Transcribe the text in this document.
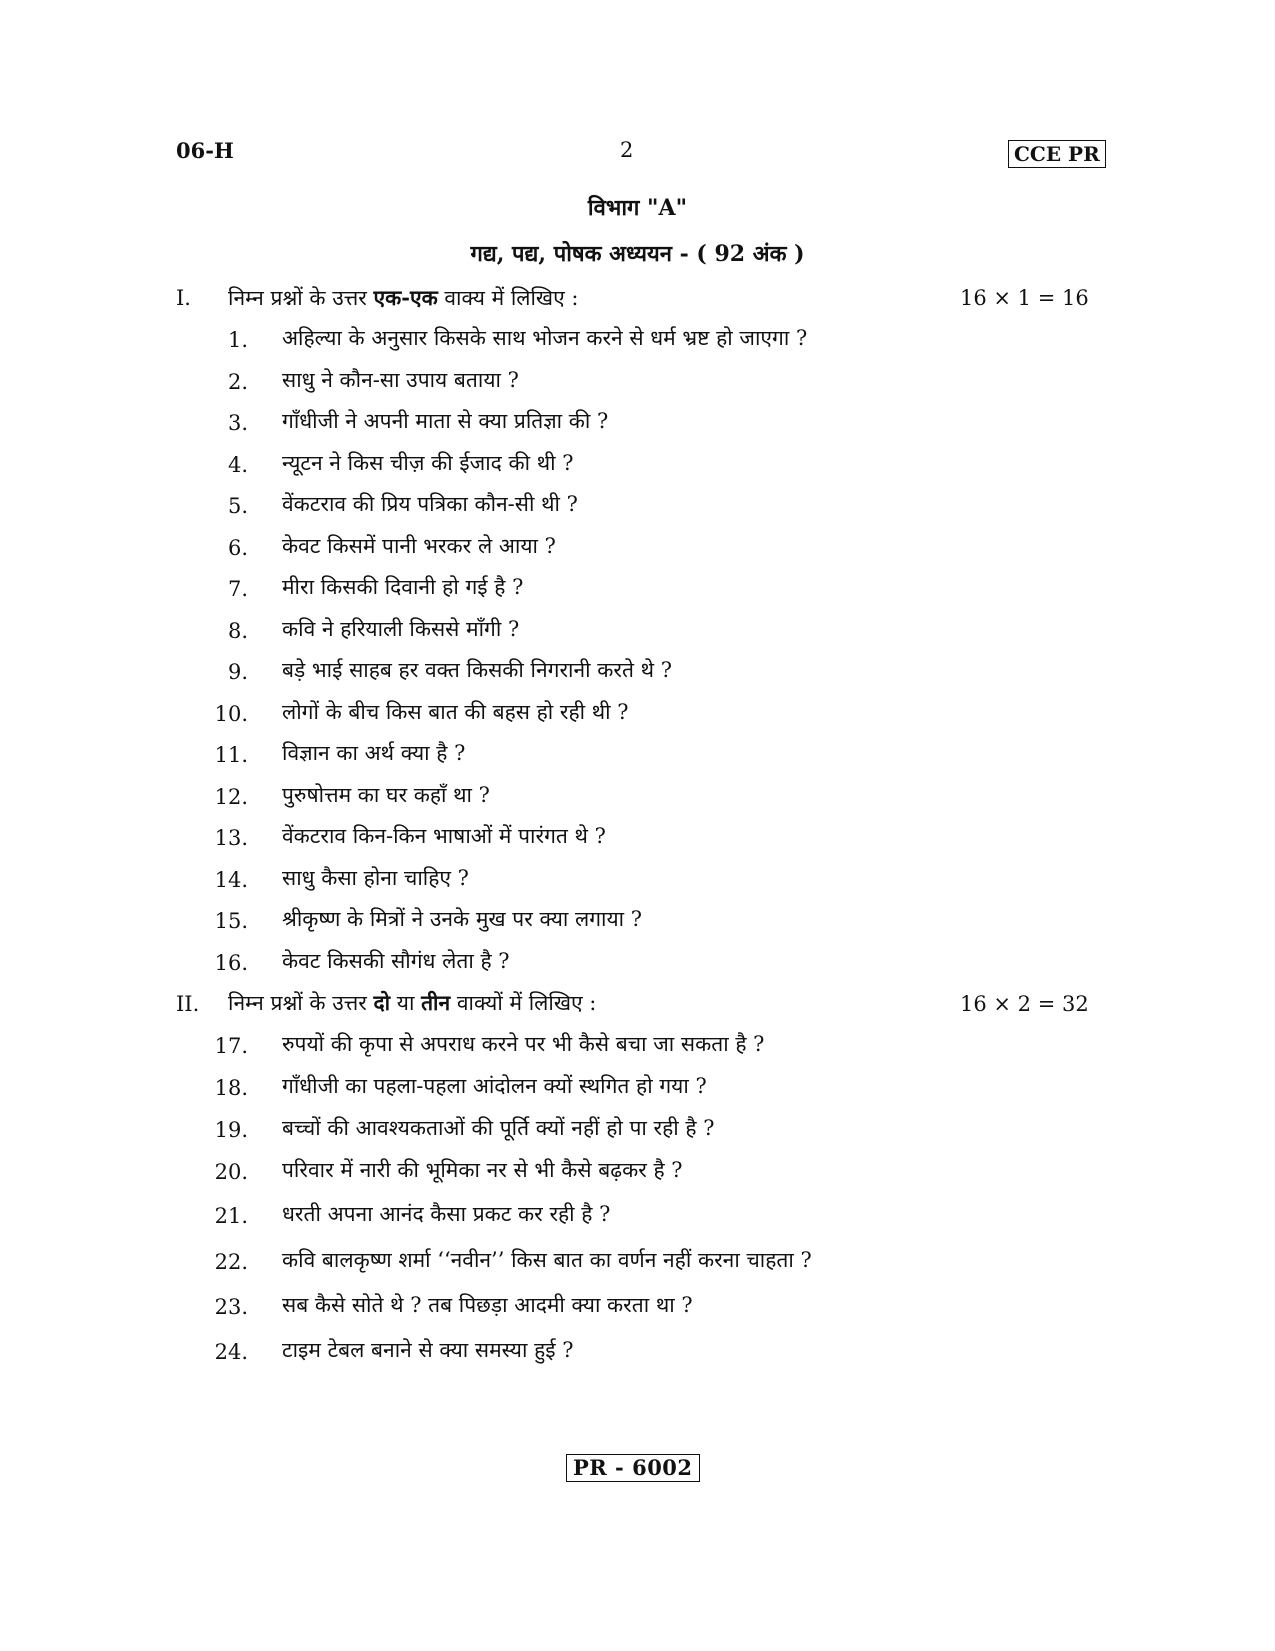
06-H	2	CCE PR
विभाग "A"
गद्य, पद्य, पोषक अध्ययन - ( 92 अंक )
I. निम्न प्रश्नों के उत्तर एक-एक वाक्य में लिखिए :	16 × 1 = 16
1. अहिल्या के अनुसार किसके साथ भोजन करने से धर्म भ्रष्ट हो जाएगा ?
2. साधु ने कौन-सा उपाय बताया ?
3. गाँधीजी ने अपनी माता से क्या प्रतिज्ञा की ?
4. न्यूटन ने किस चीज़ की ईजाद की थी ?
5. वेंकटराव की प्रिय पत्रिका कौन-सी थी ?
6. केवट किसमें पानी भरकर ले आया ?
7. मीरा किसकी दिवानी हो गई है ?
8. कवि ने हरियाली किससे माँगी ?
9. बड़े भाई साहब हर वक्त किसकी निगरानी करते थे ?
10. लोगों के बीच किस बात की बहस हो रही थी ?
11. विज्ञान का अर्थ क्या है ?
12. पुरुषोत्तम का घर कहाँ था ?
13. वेंकटराव किन-किन भाषाओं में पारंगत थे ?
14. साधु कैसा होना चाहिए ?
15. श्रीकृष्ण के मित्रों ने उनके मुख पर क्या लगाया ?
16. केवट किसकी सौगंध लेता है ?
II. निम्न प्रश्नों के उत्तर दो या तीन वाक्यों में लिखिए :	16 × 2 = 32
17. रुपयों की कृपा से अपराध करने पर भी कैसे बचा जा सकता है ?
18. गाँधीजी का पहला-पहला आंदोलन क्यों स्थगित हो गया ?
19. बच्चों की आवश्यकताओं की पूर्ति क्यों नहीं हो पा रही है ?
20. परिवार में नारी की भूमिका नर से भी कैसे बढ़कर है ?
21. धरती अपना आनंद कैसा प्रकट कर रही है ?
22. कवि बालकृष्ण शर्मा ‘‘नवीन’’ किस बात का वर्णन नहीं करना चाहता ?
23. सब कैसे सोते थे ? तब पिछड़ा आदमी क्या करता था ?
24. टाइम टेबल बनाने से क्या समस्या हुई ?
PR - 6002
